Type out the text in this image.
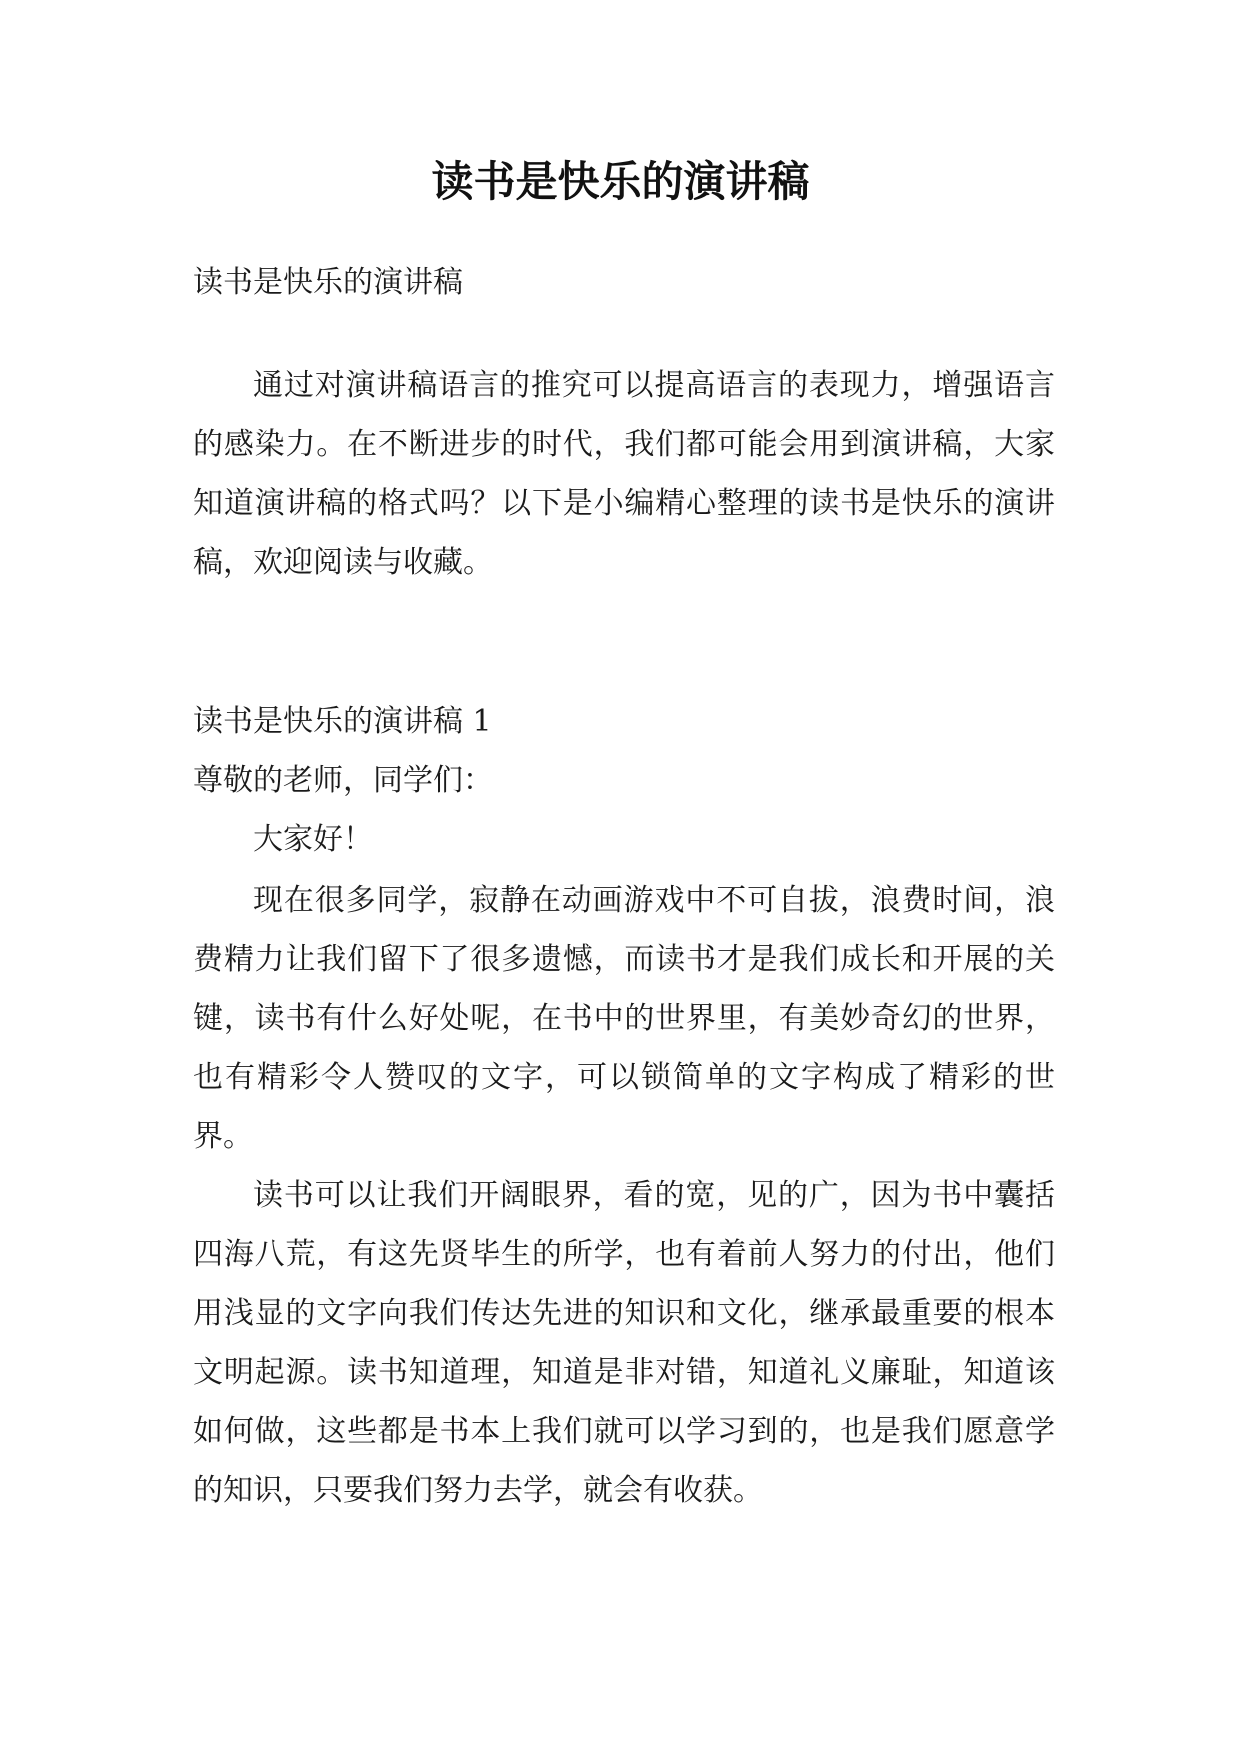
读书是快乐的演讲稿

读书是快乐的演讲稿

通过对演讲稿语言的推究可以提高语言的表现力，增强语言的感染力。在不断进步的时代，我们都可能会用到演讲稿，大家知道演讲稿的格式吗？以下是小编精心整理的读书是快乐的演讲稿，欢迎阅读与收藏。

读书是快乐的演讲稿 1

尊敬的老师，同学们：

大家好！

现在很多同学，寂静在动画游戏中不可自拔，浪费时间，浪费精力让我们留下了很多遗憾，而读书才是我们成长和开展的关键，读书有什么好处呢，在书中的世界里，有美妙奇幻的世界，也有精彩令人赞叹的文字，可以锁简单的文字构成了精彩的世界。

读书可以让我们开阔眼界，看的宽，见的广，因为书中囊括四海八荒，有这先贤毕生的所学，也有着前人努力的付出，他们用浅显的文字向我们传达先进的知识和文化，继承最重要的根本文明起源。读书知道理，知道是非对错，知道礼义廉耻，知道该如何做，这些都是书本上我们就可以学习到的，也是我们愿意学的知识，只要我们努力去学，就会有收获。
